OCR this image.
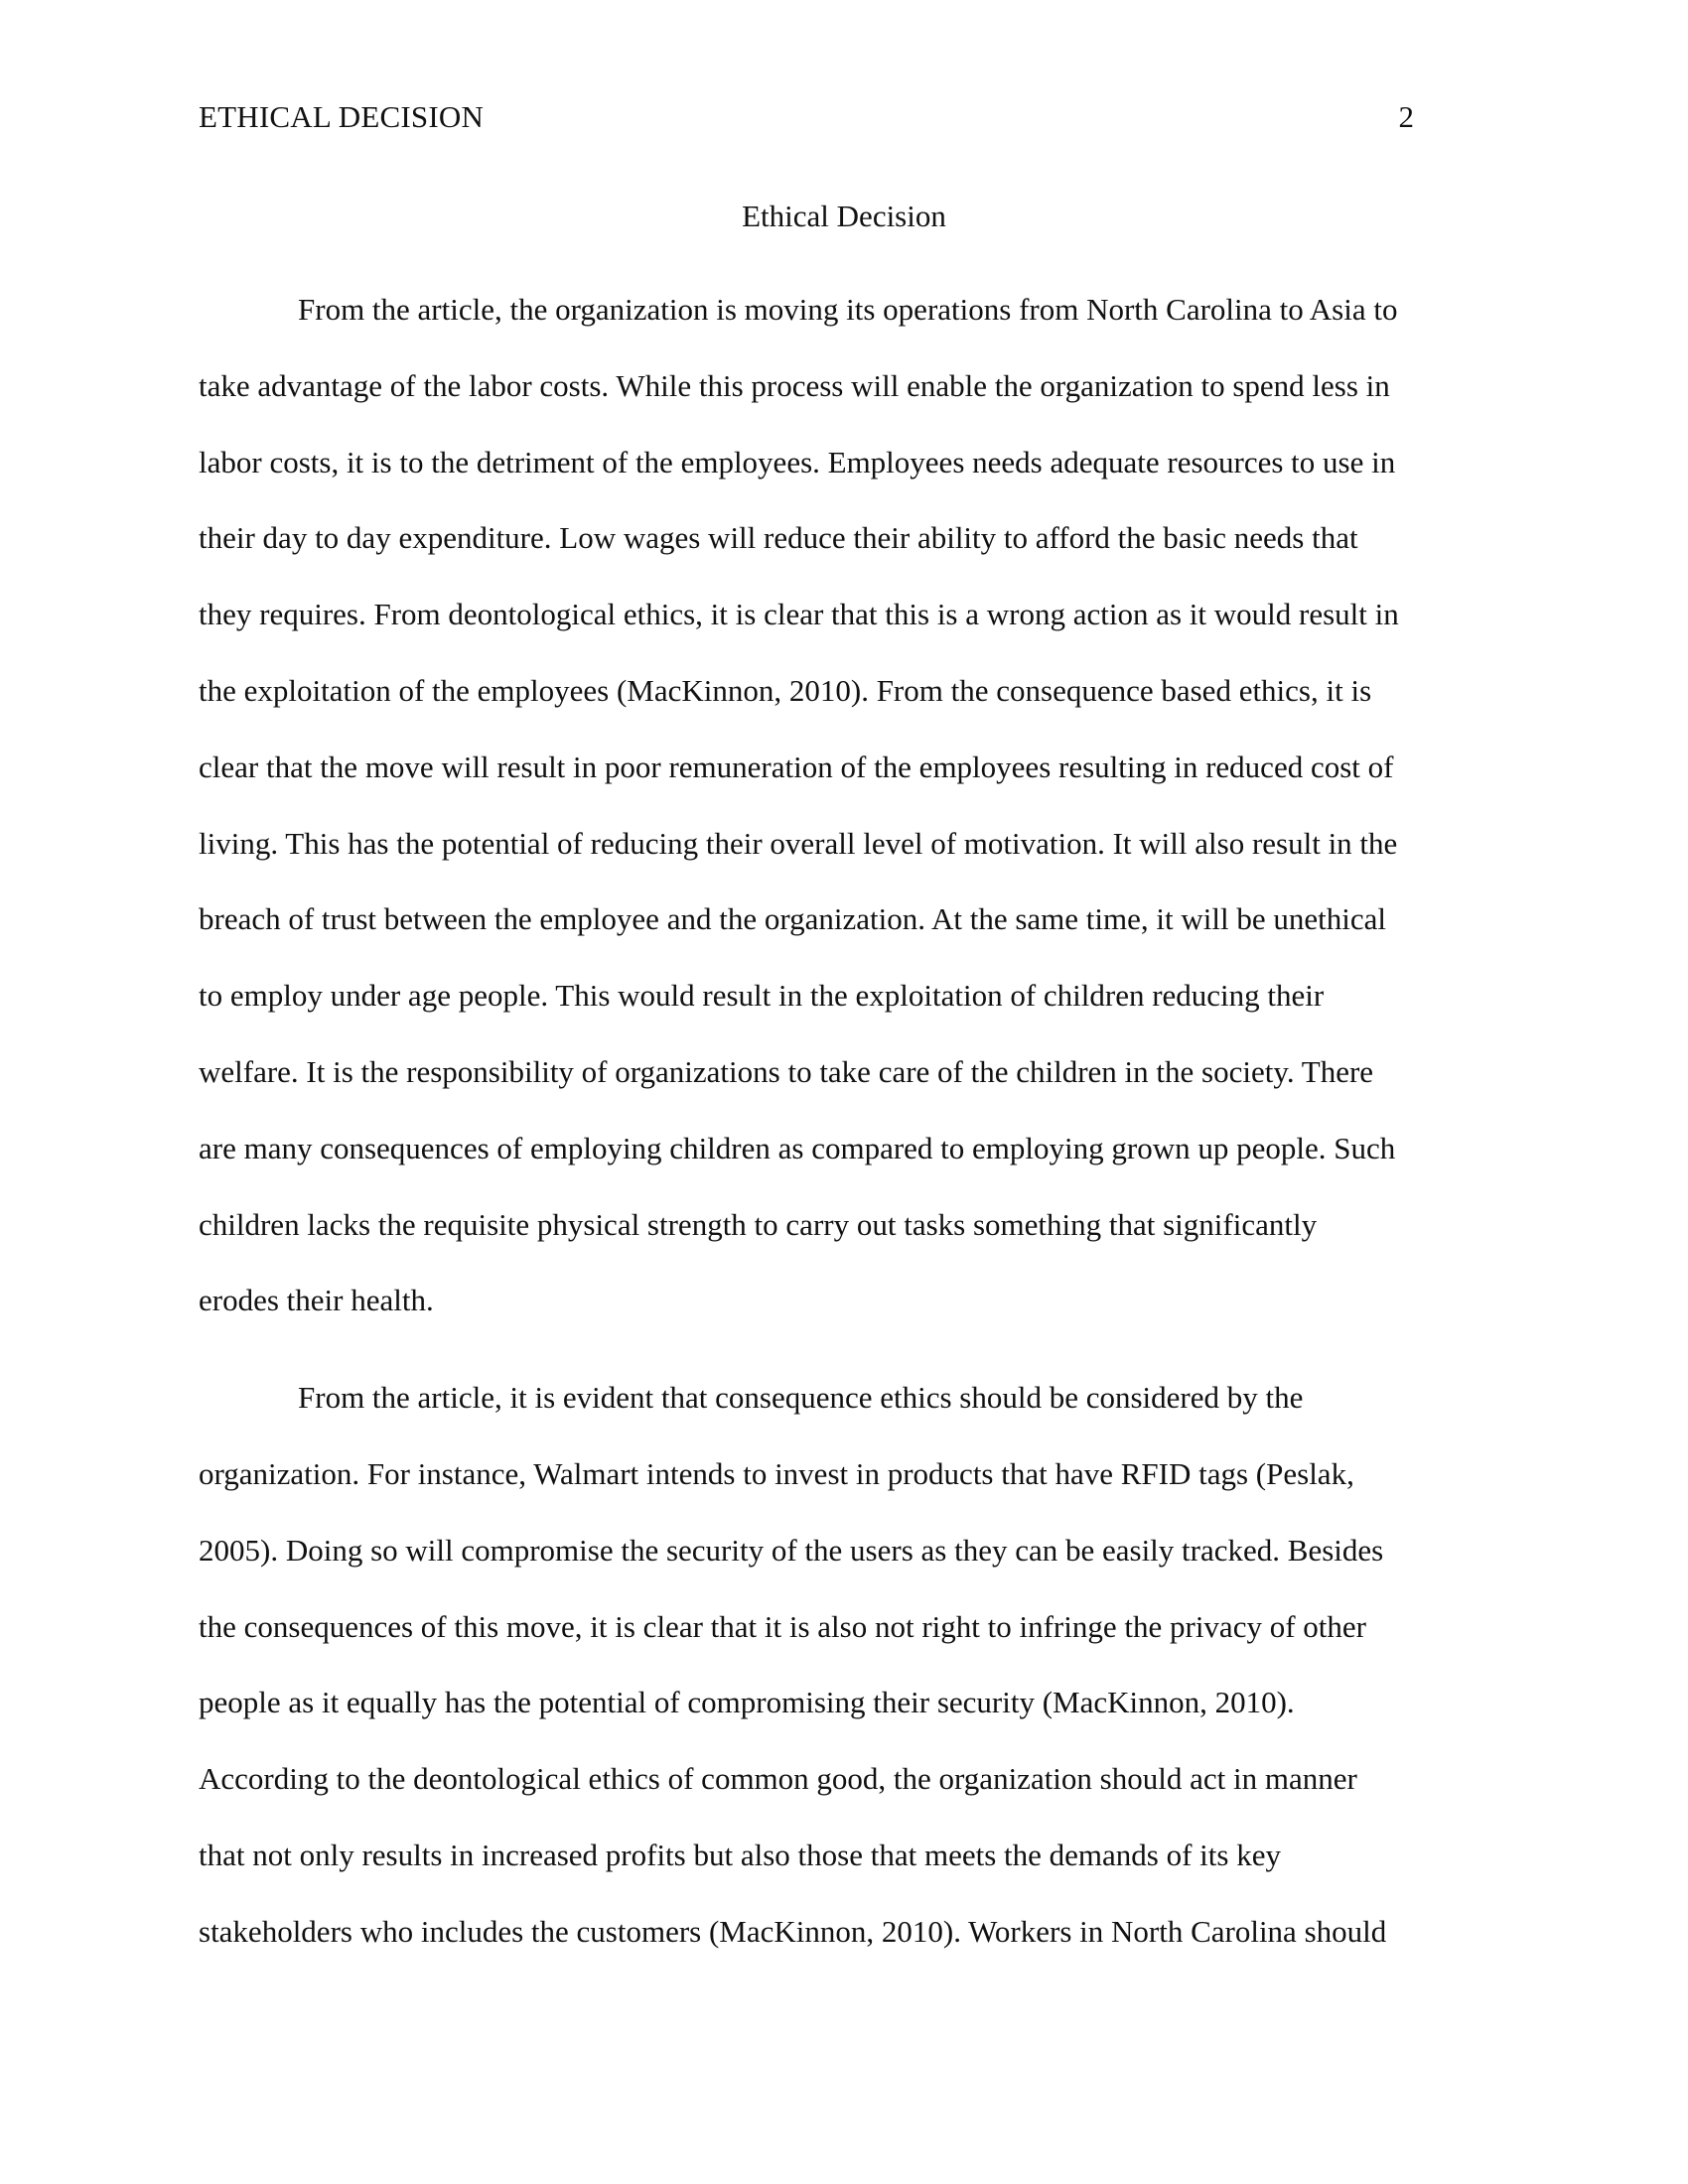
ETHICAL DECISION	2
Ethical Decision
From the article, the organization is moving its operations from North Carolina to Asia to
take advantage of the labor costs. While this process will enable the organization to spend less in
labor costs, it is to the detriment of the employees. Employees needs adequate resources to use in
their day to day expenditure. Low wages will reduce their ability to afford the basic needs that
they requires. From deontological ethics, it is clear that this is a wrong action as it would result in
the exploitation of the employees (MacKinnon, 2010). From the consequence based ethics, it is
clear that the move will result in poor remuneration of the employees resulting in reduced cost of
living. This has the potential of reducing their overall level of motivation. It will also result in the
breach of trust between the employee and the organization. At the same time, it will be unethical
to employ under age people. This would result in the exploitation of children reducing their
welfare. It is the responsibility of organizations to take care of the children in the society. There
are many consequences of employing children as compared to employing grown up people. Such
children lacks the requisite physical strength to carry out tasks something that significantly
erodes their health.
From the article, it is evident that consequence ethics should be considered by the
organization. For instance, Walmart intends to invest in products that have RFID tags (Peslak,
2005). Doing so will compromise the security of the users as they can be easily tracked. Besides
the consequences of this move, it is clear that it is also not right to infringe the privacy of other
people as it equally has the potential of compromising their security (MacKinnon, 2010).
According to the deontological ethics of common good, the organization should act in manner
that not only results in increased profits but also those that meets the demands of its key
stakeholders who includes the customers (MacKinnon, 2010). Workers in North Carolina should
